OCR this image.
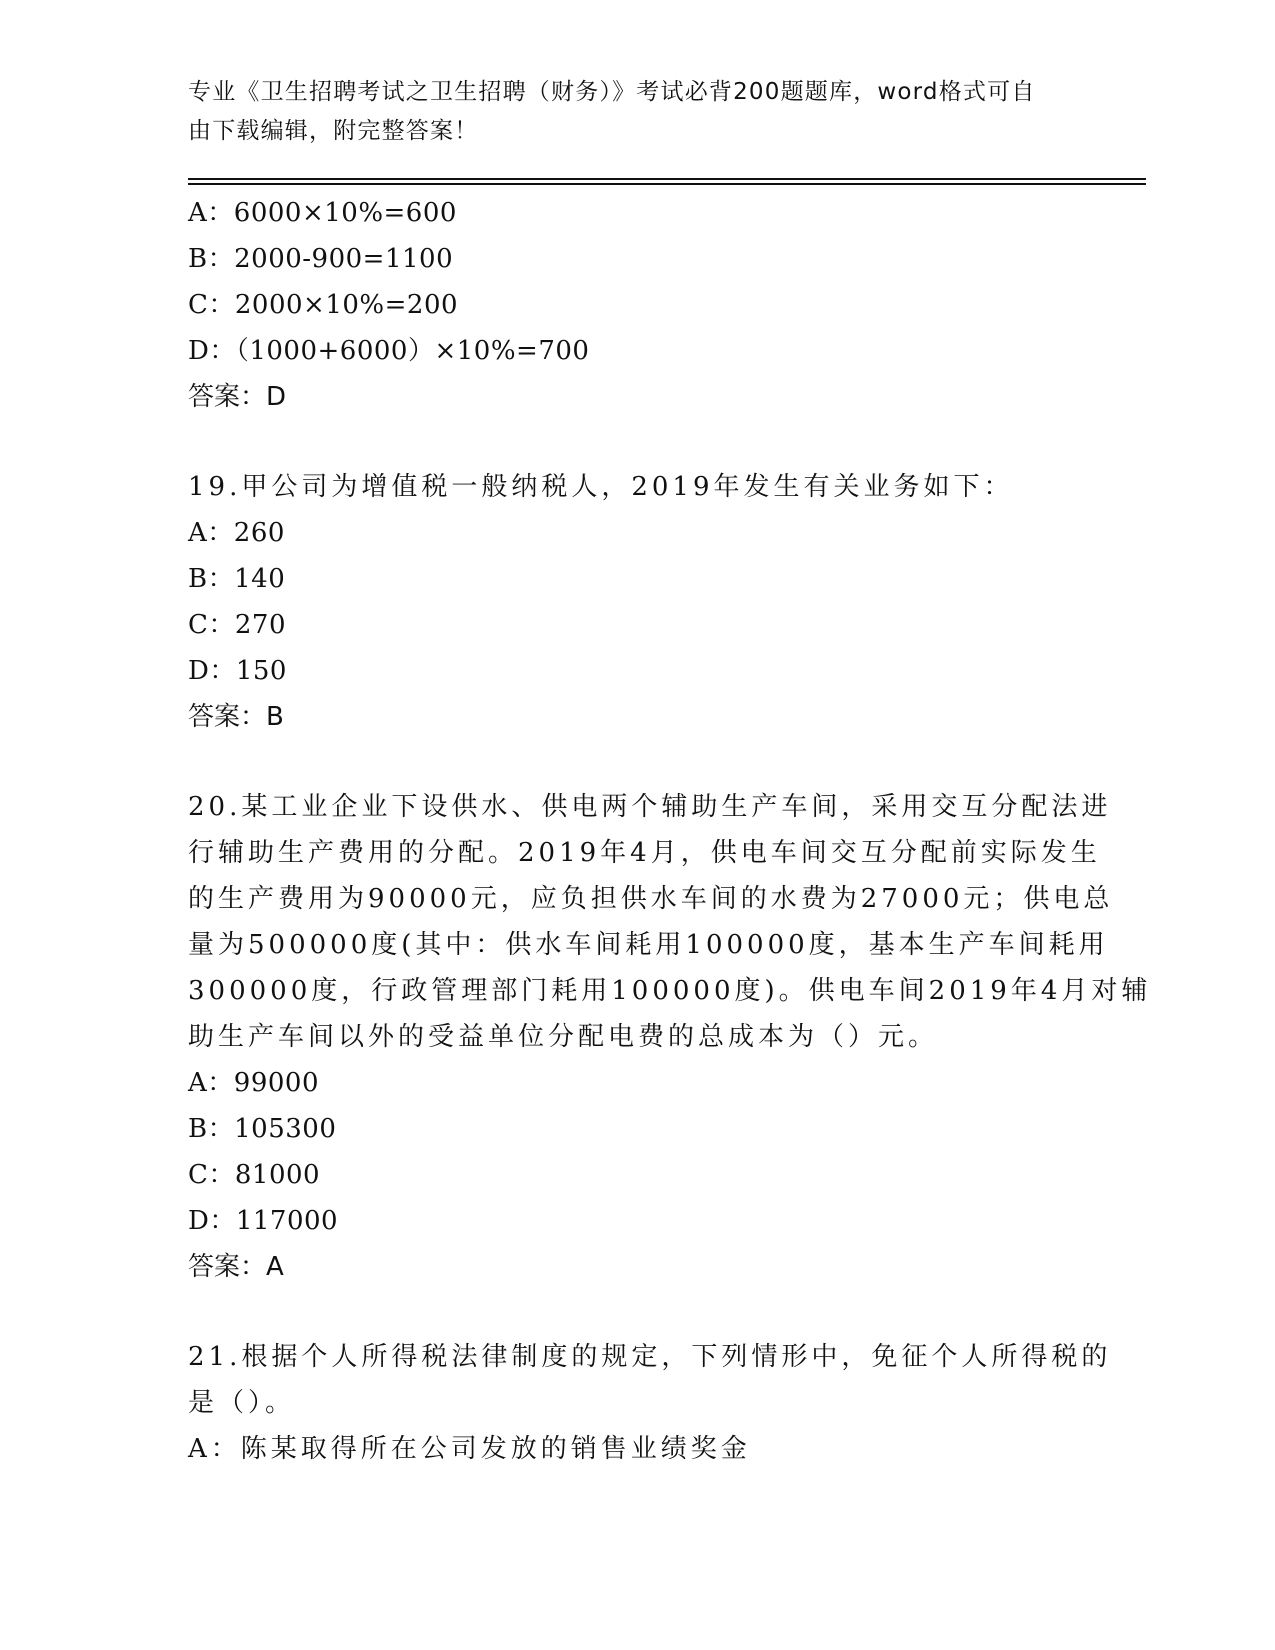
专业《卫生招聘考试之卫生招聘（财务）》考试必背200题题库，word格式可自
由下载编辑，附完整答案！
A：6000×10%=600
B：2000-900=1100
C：2000×10%=200
D：（1000+6000）×10%=700
答案：D
19.甲公司为增值税一般纳税人，2019年发生有关业务如下：
A：260
B：140
C：270
D：150
答案：B
20.某工业企业下设供水、供电两个辅助生产车间，采用交互分配法进
行辅助生产费用的分配。2019年4月，供电车间交互分配前实际发生
的生产费用为90000元，应负担供水车间的水费为27000元；供电总
量为500000度(其中：供水车间耗用100000度，基本生产车间耗用
300000度，行政管理部门耗用100000度)。供电车间2019年4月对辅
助生产车间以外的受益单位分配电费的总成本为（）元。
A：99000
B：105300
C：81000
D：117000
答案：A
21.根据个人所得税法律制度的规定，下列情形中，免征个人所得税的
是（）。
A：陈某取得所在公司发放的销售业绩奖金
